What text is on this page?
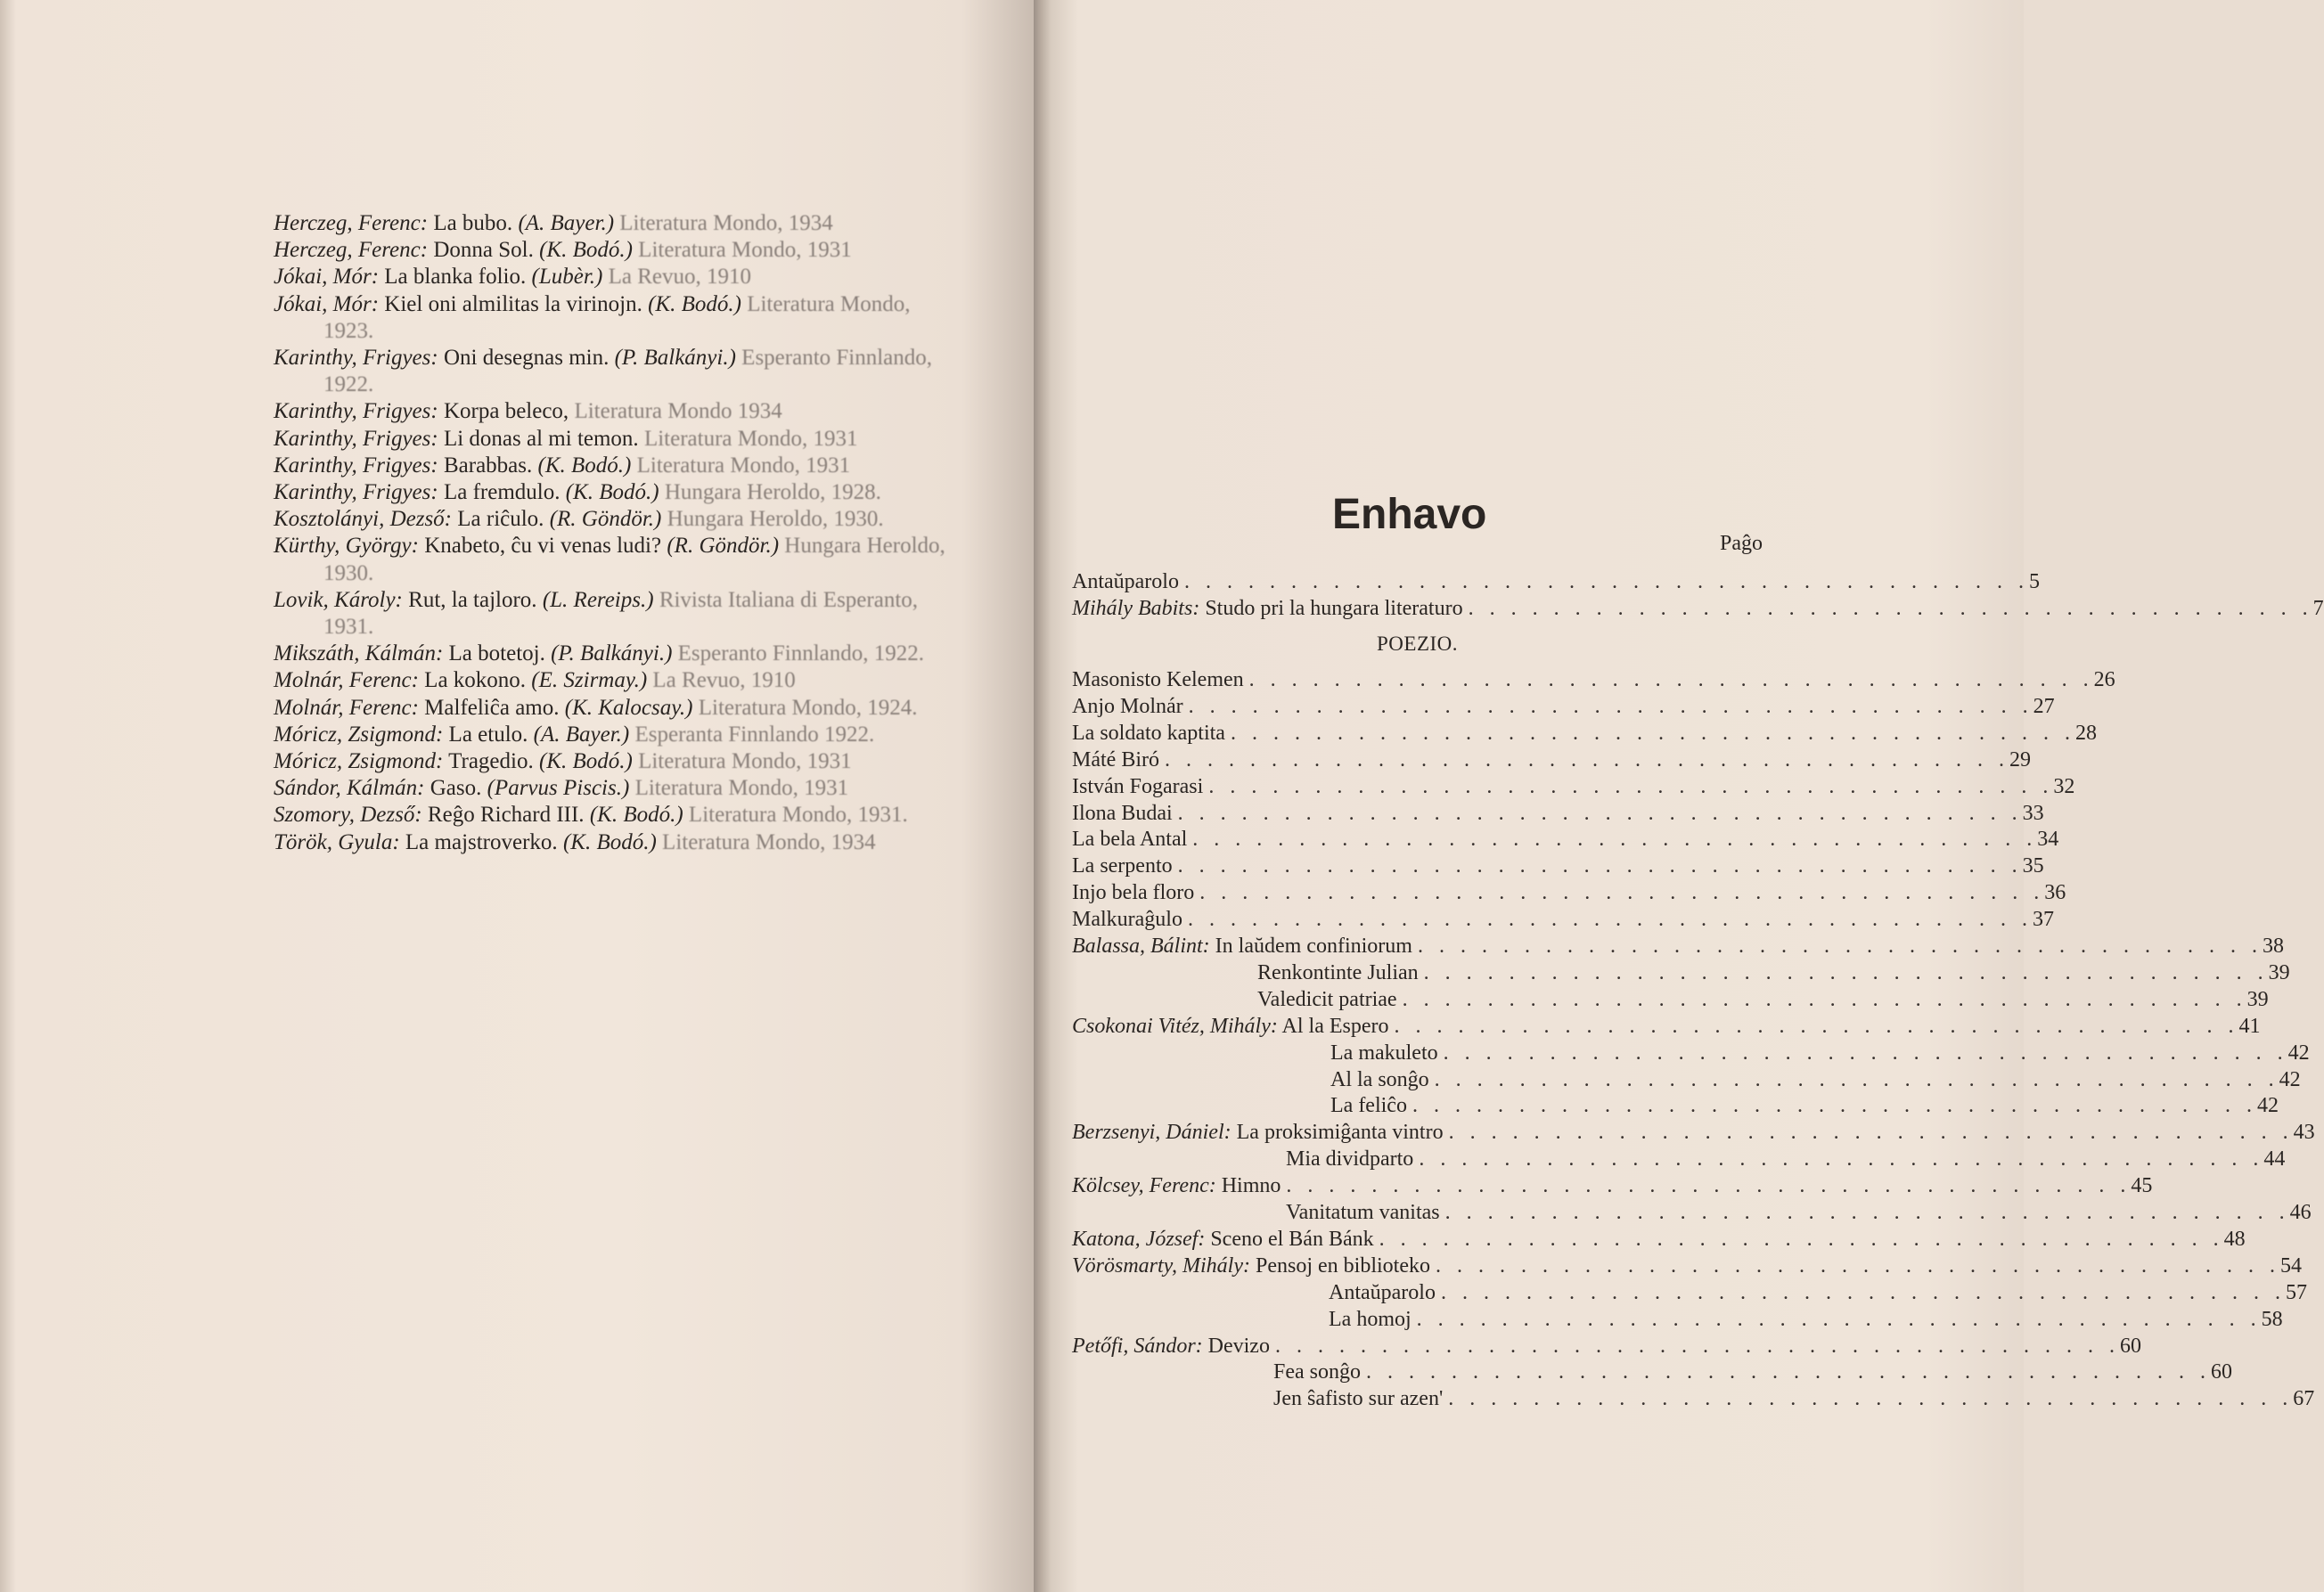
Herczeg, Ferenc: La bubo. (A. Bayer.) Literatura Mondo, 1934
Herczeg, Ferenc: Donna Sol. (K. Bodó.) Literatura Mondo, 1931
Jókai, Mór: La blanka folio. (Lubèr.) La Revuo, 1910
Jókai, Mór: Kiel oni almilitas la virinojn. (K. Bodó.) Literatura Mondo, 1923.
Karinthy, Frigyes: Oni desegnas min. (P. Balkányi.) Esperanto Finnlando, 1922.
Karinthy, Frigyes: Korpa beleco, Literatura Mondo 1934
Karinthy, Frigyes: Li donas al mi temon. Literatura Mondo, 1931
Karinthy, Frigyes: Barabbas. (K. Bodó.) Literatura Mondo, 1931
Karinthy, Frigyes: La fremdulo. (K. Bodó.) Hungara Heroldo, 1928.
Kosztolányi, Dezső: La riĉulo. (R. Göndör.) Hungara Heroldo, 1930.
Kürthy, György: Knabeto, ĉu vi venas ludi? (R. Göndör.) Hungara Heroldo, 1930.
Lovik, Károly: Rut, la tajloro. (L. Rereips.) Rivista Italiana di Esperanto, 1931.
Mikszáth, Kálmán: La botetoj. (P. Balkányi.) Esperanto Finnlando, 1922.
Molnár, Ferenc: La kokono. (E. Szirmay.) La Revuo, 1910
Molnár, Ferenc: Malfeliĉa amo. (K. Kalocsay.) Literatura Mondo, 1924.
Móricz, Zsigmond: La etulo. (A. Bayer.) Esperanta Finnlando 1922.
Móricz, Zsigmond: Tragedio. (K. Bodó.) Literatura Mondo, 1931
Sándor, Kálmán: Gaso. (Parvus Piscis.) Literatura Mondo, 1931
Szomory, Dezső: Reĝo Richard III. (K. Bodó.) Literatura Mondo, 1931.
Török, Gyula: La majstroverko. (K. Bodó.) Literatura Mondo, 1934
Enhavo
Paĝo
POEZIO.
Antaŭparolo . . . . . . . . . . . . . . . . . . . . . . . . . . . . . . . . . . . . . . . . 5
Mihály Babits: Studo pri la hungara literaturo . . . . . . . . . . . . . . . . . . . . . . . . . . . . . . . . . . . . . . . . 7
Masonisto Kelemen . . . . . . . . . . . . . . . . . . . . . . . . . . . . . . . . . . . . . . . . 26
Anjo Molnár . . . . . . . . . . . . . . . . . . . . . . . . . . . . . . . . . . . . . . . . 27
La soldato kaptita . . . . . . . . . . . . . . . . . . . . . . . . . . . . . . . . . . . . . . . . 28
Máté Biró . . . . . . . . . . . . . . . . . . . . . . . . . . . . . . . . . . . . . . . . 29
István Fogarasi . . . . . . . . . . . . . . . . . . . . . . . . . . . . . . . . . . . . . . . . 32
Ilona Budai . . . . . . . . . . . . . . . . . . . . . . . . . . . . . . . . . . . . . . . . 33
La bela Antal . . . . . . . . . . . . . . . . . . . . . . . . . . . . . . . . . . . . . . . . 34
La serpento . . . . . . . . . . . . . . . . . . . . . . . . . . . . . . . . . . . . . . . . 35
Injo bela floro . . . . . . . . . . . . . . . . . . . . . . . . . . . . . . . . . . . . . . . . 36
Malkuraĝulo . . . . . . . . . . . . . . . . . . . . . . . . . . . . . . . . . . . . . . . . 37
Balassa, Bálint: In laŭdem confiniorum . . . . . . . . . . . . . . . . . . . . . . . . . . . . . . . . . . . . . . . . 38
Renkontinte Julian . . . . . . . . . . . . . . . . . . . . . . . . . . . . . . . . . . . . . . . . 39
Valedicit patriae . . . . . . . . . . . . . . . . . . . . . . . . . . . . . . . . . . . . . . . . 39
Csokonai Vitéz, Mihály: Al la Espero . . . . . . . . . . . . . . . . . . . . . . . . . . . . . . . . . . . . . . . . 41
La makuleto . . . . . . . . . . . . . . . . . . . . . . . . . . . . . . . . . . . . . . . . 42
Al la sonĝo . . . . . . . . . . . . . . . . . . . . . . . . . . . . . . . . . . . . . . . . 42
La feliĉo . . . . . . . . . . . . . . . . . . . . . . . . . . . . . . . . . . . . . . . . 42
Berzsenyi, Dániel: La proksimiĝanta vintro . . . . . . . . . . . . . . . . . . . . . . . . . . . . . . . . . . . . . . . . 43
Mia dividparto . . . . . . . . . . . . . . . . . . . . . . . . . . . . . . . . . . . . . . . . 44
Kölcsey, Ferenc: Himno . . . . . . . . . . . . . . . . . . . . . . . . . . . . . . . . . . . . . . . . 45
Vanitatum vanitas . . . . . . . . . . . . . . . . . . . . . . . . . . . . . . . . . . . . . . . . 46
Katona, József: Sceno el Bán Bánk . . . . . . . . . . . . . . . . . . . . . . . . . . . . . . . . . . . . . . . . 48
Vörösmarty, Mihály: Pensoj en biblioteko . . . . . . . . . . . . . . . . . . . . . . . . . . . . . . . . . . . . . . . . 54
Antaŭparolo . . . . . . . . . . . . . . . . . . . . . . . . . . . . . . . . . . . . . . . . 57
La homoj . . . . . . . . . . . . . . . . . . . . . . . . . . . . . . . . . . . . . . . . 58
Petőfi, Sándor: Devizo . . . . . . . . . . . . . . . . . . . . . . . . . . . . . . . . . . . . . . . . 60
Fea sonĝo . . . . . . . . . . . . . . . . . . . . . . . . . . . . . . . . . . . . . . . . 60
Jen ŝafisto sur azen' . . . . . . . . . . . . . . . . . . . . . . . . . . . . . . . . . . . . . . . . 67
